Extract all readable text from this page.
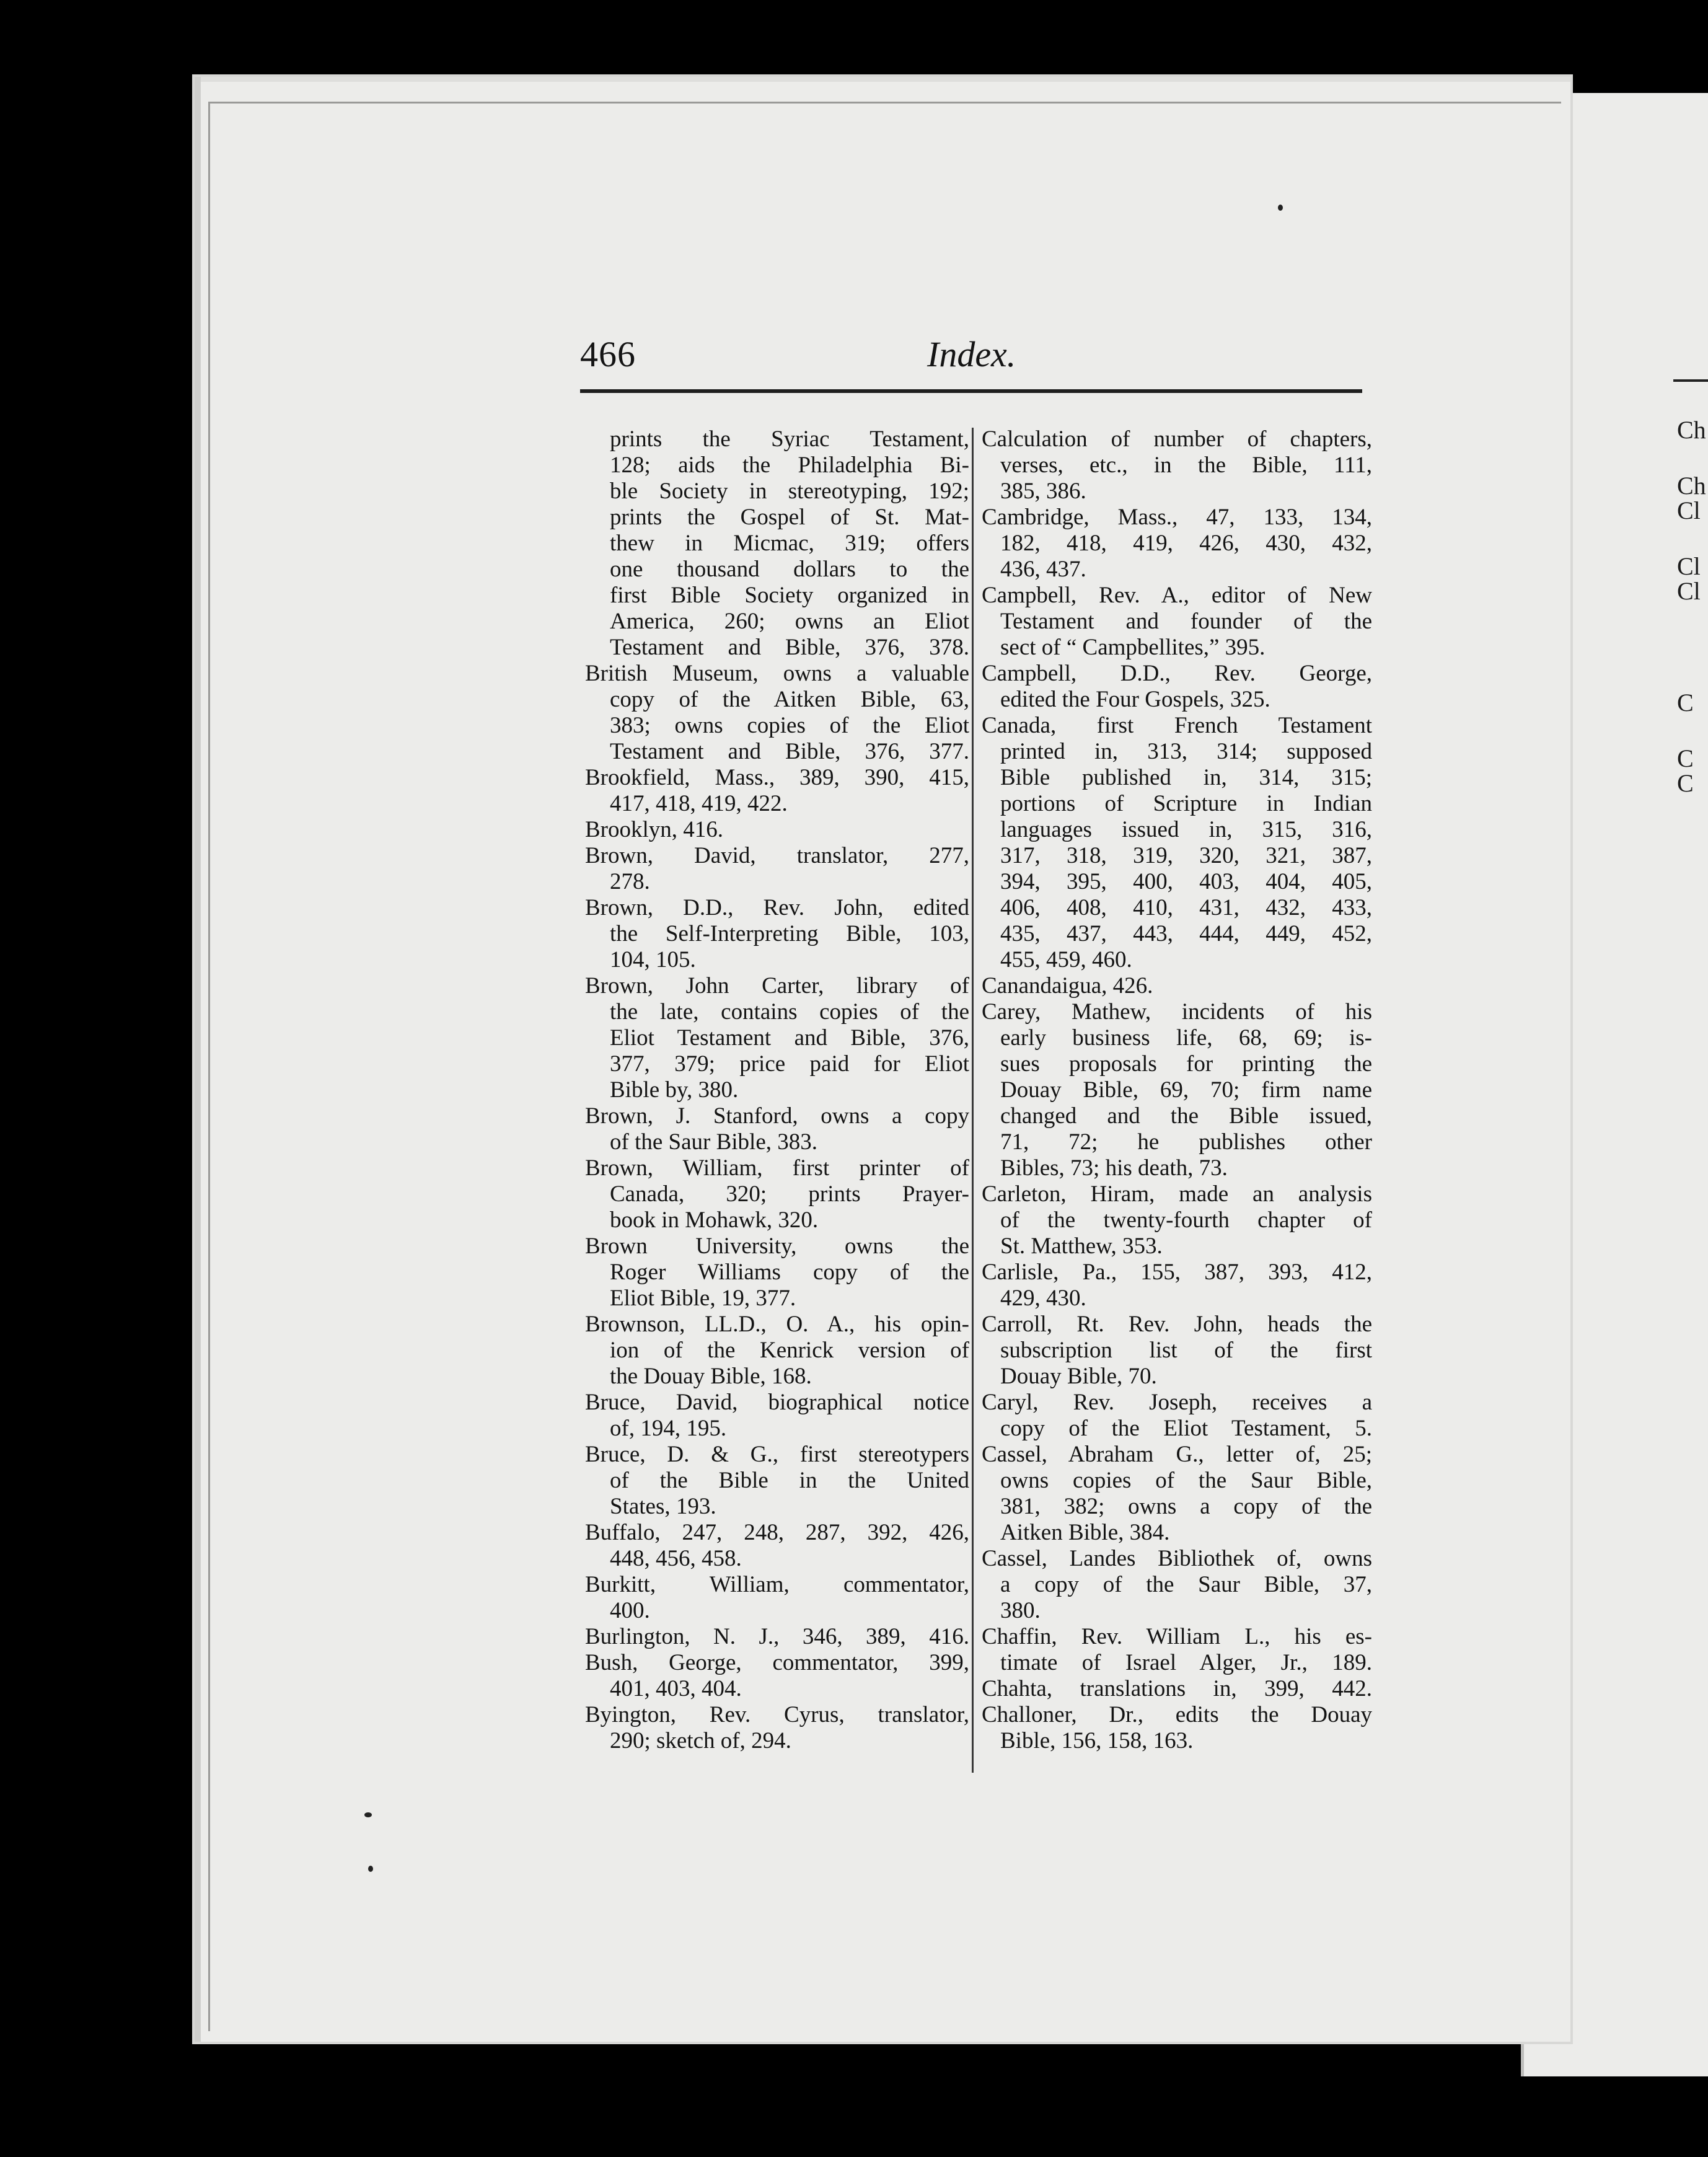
Ch
Ch
Cl
Cl
Cl
C
C
C
466	Index.
prints the Syriac Testament,
128; aids the Philadelphia Bi-
ble Society in stereotyping, 192;
prints the Gospel of St. Mat-
thew in Micmac, 319; offers
one thousand dollars to the
first Bible Society organized in
America, 260; owns an Eliot
Testament and Bible, 376, 378.
British Museum, owns a valuable
copy of the Aitken Bible, 63,
383; owns copies of the Eliot
Testament and Bible, 376, 377.
Brookfield, Mass., 389, 390, 415,
417, 418, 419, 422.
Brooklyn, 416.
Brown, David, translator, 277,
278.
Brown, D.D., Rev. John, edited
the Self-Interpreting Bible, 103,
104, 105.
Brown, John Carter, library of
the late, contains copies of the
Eliot Testament and Bible, 376,
377, 379; price paid for Eliot
Bible by, 380.
Brown, J. Stanford, owns a copy
of the Saur Bible, 383.
Brown, William, first printer of
Canada, 320; prints Prayer-
book in Mohawk, 320.
Brown University, owns the
Roger Williams copy of the
Eliot Bible, 19, 377.
Brownson, LL.D., O. A., his opin-
ion of the Kenrick version of
the Douay Bible, 168.
Bruce, David, biographical notice
of, 194, 195.
Bruce, D. & G., first stereotypers
of the Bible in the United
States, 193.
Buffalo, 247, 248, 287, 392, 426,
448, 456, 458.
Burkitt, William, commentator,
400.
Burlington, N. J., 346, 389, 416.
Bush, George, commentator, 399,
401, 403, 404.
Byington, Rev. Cyrus, translator,
290; sketch of, 294.
Calculation of number of chapters,
verses, etc., in the Bible, 111,
385, 386.
Cambridge, Mass., 47, 133, 134,
182, 418, 419, 426, 430, 432,
436, 437.
Campbell, Rev. A., editor of New
Testament and founder of the
sect of “ Campbellites,” 395.
Campbell, D.D., Rev. George,
edited the Four Gospels, 325.
Canada, first French Testament
printed in, 313, 314; supposed
Bible published in, 314, 315;
portions of Scripture in Indian
languages issued in, 315, 316,
317, 318, 319, 320, 321, 387,
394, 395, 400, 403, 404, 405,
406, 408, 410, 431, 432, 433,
435, 437, 443, 444, 449, 452,
455, 459, 460.
Canandaigua, 426.
Carey, Mathew, incidents of his
early business life, 68, 69; is-
sues proposals for printing the
Douay Bible, 69, 70; firm name
changed and the Bible issued,
71, 72; he publishes other
Bibles, 73; his death, 73.
Carleton, Hiram, made an analysis
of the twenty-fourth chapter of
St. Matthew, 353.
Carlisle, Pa., 155, 387, 393, 412,
429, 430.
Carroll, Rt. Rev. John, heads the
subscription list of the first
Douay Bible, 70.
Caryl, Rev. Joseph, receives a
copy of the Eliot Testament, 5.
Cassel, Abraham G., letter of, 25;
owns copies of the Saur Bible,
381, 382; owns a copy of the
Aitken Bible, 384.
Cassel, Landes Bibliothek of, owns
a copy of the Saur Bible, 37,
380.
Chaffin, Rev. William L., his es-
timate of Israel Alger, Jr., 189.
Chahta, translations in, 399, 442.
Challoner, Dr., edits the Douay
Bible, 156, 158, 163.
